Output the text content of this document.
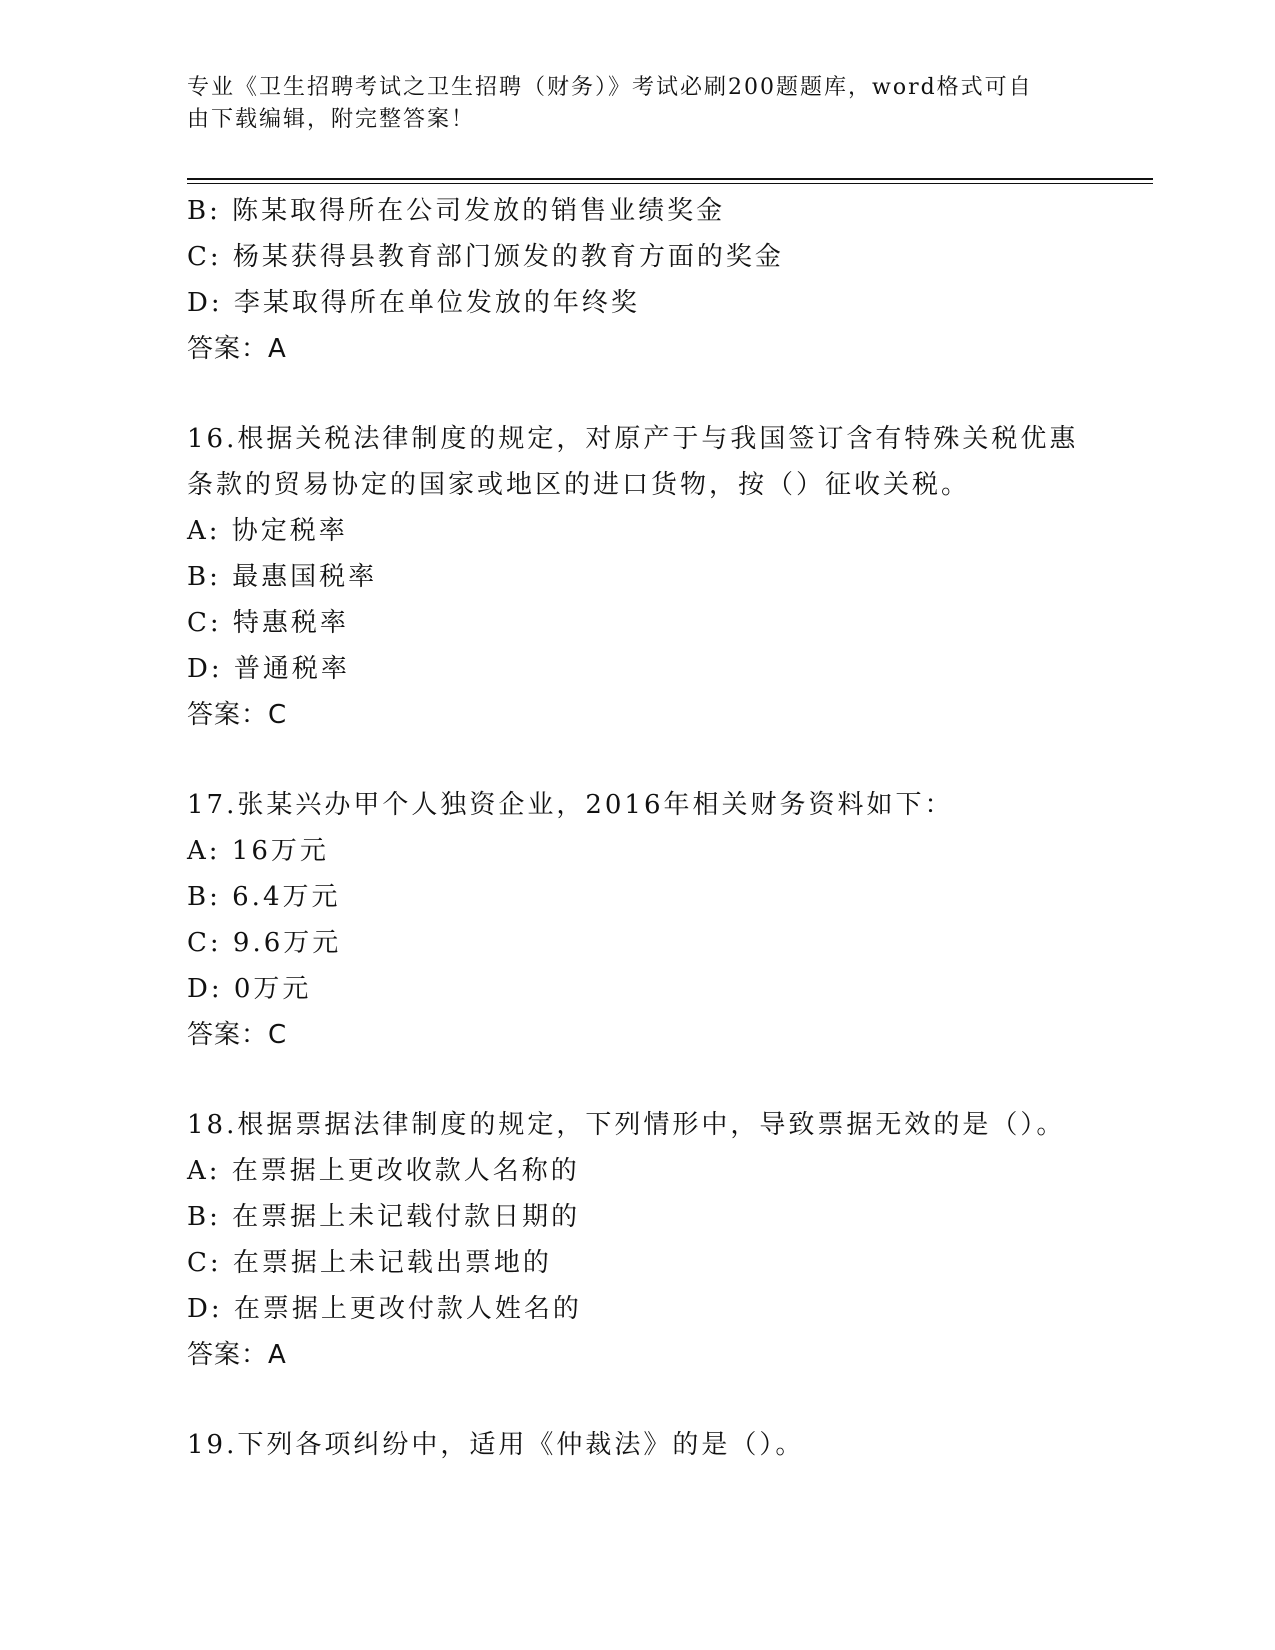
专业《卫生招聘考试之卫生招聘（财务）》考试必刷200题题库，word格式可自
由下载编辑，附完整答案！
B: 陈某取得所在公司发放的销售业绩奖金
C: 杨某获得县教育部门颁发的教育方面的奖金
D: 李某取得所在单位发放的年终奖
答案：A
16.根据关税法律制度的规定，对原产于与我国签订含有特殊关税优惠
条款的贸易协定的国家或地区的进口货物，按（）征收关税。
A: 协定税率
B: 最惠国税率
C: 特惠税率
D: 普通税率
答案：C
17.张某兴办甲个人独资企业，2016年相关财务资料如下：
A: 16万元
B: 6.4万元
C: 9.6万元
D: 0万元
答案：C
18.根据票据法律制度的规定，下列情形中，导致票据无效的是（）。
A: 在票据上更改收款人名称的
B: 在票据上未记载付款日期的
C: 在票据上未记载出票地的
D: 在票据上更改付款人姓名的
答案：A
19.下列各项纠纷中，适用《仲裁法》的是（）。
